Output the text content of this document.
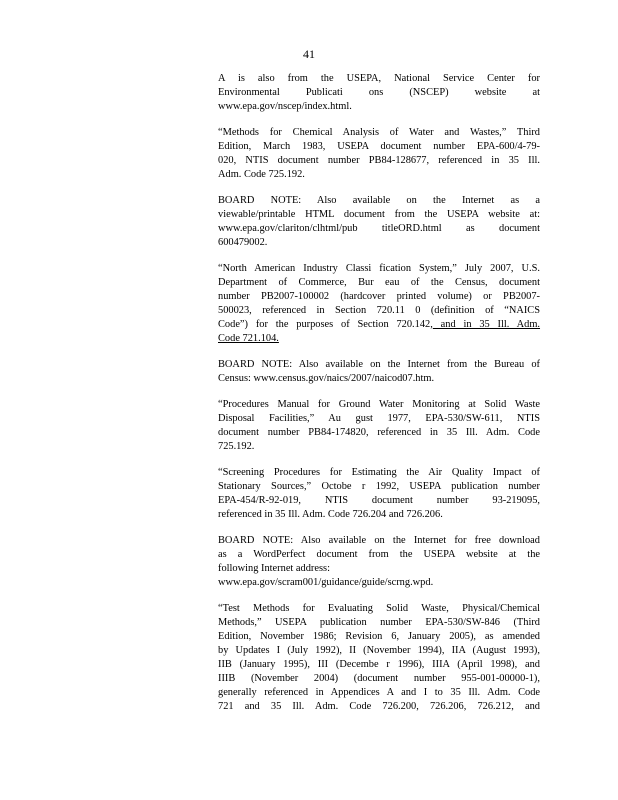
41

A is also from the USEPA, National Service Center for
Environmental Publicati ons (NSCEP) website at
www.epa.gov/nscep/index.html.

“Methods for Chemical Analysis of Water and Wastes,” Third
Edition, March 1983, USEPA document number EPA-600/4-79-
020, NTIS document number PB84-128677, referenced in 35 Ill.
Adm. Code 725.192.

BOARD NOTE: Also available on the Internet as a
viewable/printable HTML document from the USEPA website at:
www.epa.gov/clariton/clhtml/pub titleORD.html as document
600479002.

“North American Industry Classi fication System,” July 2007, U.S.
Department of Commerce, Bur eau of the Census, document
number PB2007-100002 (hardcover printed volume) or PB2007-
500023, referenced in Section 720.11 0 (definition of “NAICS
Code”) for the purposes of Section 720.142, and in 35 Ill. Adm.
Code 721.104.

BOARD NOTE: Also available on the Internet from the Bureau of
Census: www.census.gov/naics/2007/naicod07.htm.

“Procedures Manual for Ground Water Monitoring at Solid Waste
Disposal Facilities,” Au gust 1977, EPA-530/SW-611, NTIS
document number PB84-174820, referenced in 35 Ill. Adm. Code
725.192.

“Screening Procedures for Estimating the Air Quality Impact of
Stationary Sources,” Octobe r 1992, USEPA publication number
EPA-454/R-92-019, NTIS document number 93-219095,
referenced in 35 Ill. Adm. Code 726.204 and 726.206.

BOARD NOTE: Also available on the Internet for free download
as a WordPerfect document from the USEPA website at the
following Internet address:
www.epa.gov/scram001/guidance/guide/scrng.wpd.

“Test Methods for Evaluating Solid Waste, Physical/Chemical
Methods,” USEPA publication number EPA-530/SW-846 (Third
Edition, November 1986; Revision 6, January 2005), as amended
by Updates I (July 1992), II (November 1994), IIA (August 1993),
IIB (January 1995), III (Decembe r 1996), IIIA (April 1998), and
IIIB (November 2004) (document number 955-001-00000-1),
generally referenced in Appendices A and I to 35 Ill. Adm. Code
721 and 35 Ill. Adm. Code 726.200, 726.206, 726.212, and
